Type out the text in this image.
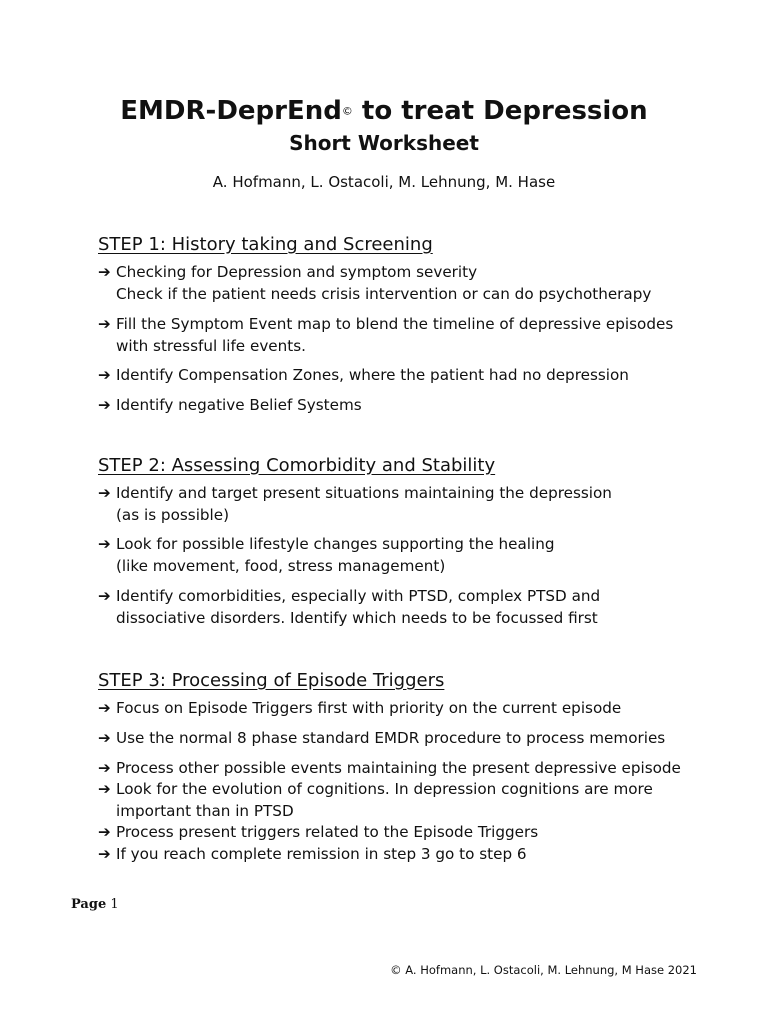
EMDR-DeprEnd© to treat Depression
Short Worksheet
A. Hofmann, L. Ostacoli, M. Lehnung, M. Hase
STEP 1: History taking and Screening
➔ Checking for Depression and symptom severity
Check if the patient needs crisis intervention or can do psychotherapy
➔ Fill the Symptom Event map to blend the timeline of depressive episodes
with stressful life events.
➔ Identify Compensation Zones, where the patient had no depression
➔ Identify negative Belief Systems
STEP 2: Assessing Comorbidity and Stability
➔ Identify and target present situations maintaining the depression
(as is possible)
➔ Look for possible lifestyle changes supporting the healing
(like movement, food, stress management)
➔ Identify comorbidities, especially with PTSD, complex PTSD and
dissociative disorders. Identify which needs to be focussed first
STEP 3: Processing of Episode Triggers
➔ Focus on Episode Triggers first with priority on the current episode
➔ Use the normal 8 phase standard EMDR procedure to process memories
➔ Process other possible events maintaining the present depressive episode
➔ Look for the evolution of cognitions. In depression cognitions are more
important than in PTSD
➔ Process present triggers related to the Episode Triggers
➔ If you reach complete remission in step 3 go to step 6
Page 1
© A. Hofmann, L. Ostacoli, M. Lehnung, M Hase 2021
